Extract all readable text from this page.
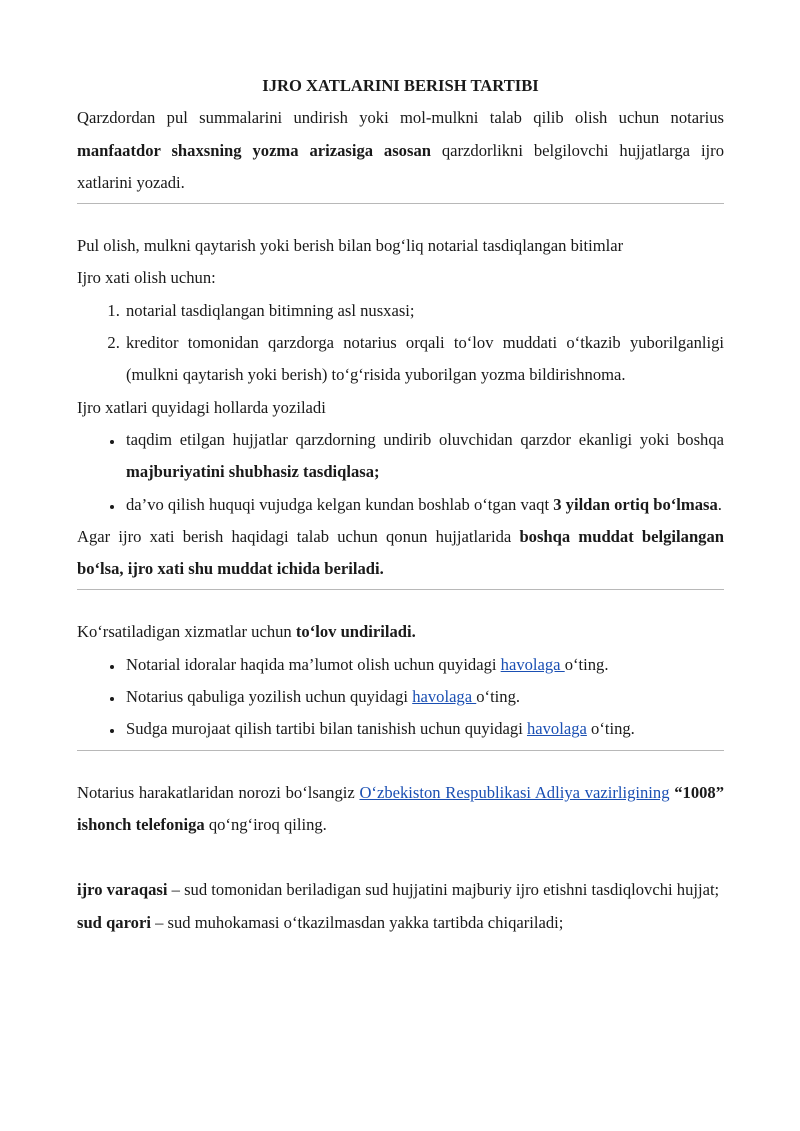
IJRO XATLARINI BERISH TARTIBI

Qarzdordan pul summalarini undirish yoki mol-mulkni talab qilib olish uchun notarius manfaatdor shaxsning yozma arizasiga asosan qarzdorlikni belgilovchi hujjatlarga ijro xatlarini yozadi.

Pul olish, mulkni qaytarish yoki berish bilan bog‘liq notarial tasdiqlangan bitimlar

Ijro xati olish uchun:

1. notarial tasdiqlangan bitimning asl nusxasi;
2. kreditor tomonidan qarzdorga notarius orqali to‘lov muddati o‘tkazib yuborilganligi (mulkni qaytarish yoki berish) to‘g‘risida yuborilgan yozma bildirishnoma.

Ijro xatlari quyidagi hollarda yoziladi

• taqdim etilgan hujjatlar qarzdorning undirib oluvchidan qarzdor ekanligi yoki boshqa majburiyatini shubhasiz tasdiqlasa;
• da’vo qilish huquqi vujudga kelgan kundan boshlab o‘tgan vaqt 3 yildan ortiq bo‘lmasa.

Agar ijro xati berish haqidagi talab uchun qonun hujjatlarida boshqa muddat belgilangan bo‘lsa, ijro xati shu muddat ichida beriladi.

Ko‘rsatiladigan xizmatlar uchun to‘lov undiriladi.

• Notarial idoralar haqida ma’lumot olish uchun quyidagi havolaga o‘ting.
• Notarius qabuliga yozilish uchun quyidagi havolaga o‘ting.
• Sudga murojaat qilish tartibi bilan tanishish uchun quyidagi havolaga o‘ting.

Notarius harakatlaridan norozi bo‘lsangiz O‘zbekiston Respublikasi Adliya vazirligining “1008” ishonch telefoniga qo‘ng‘iroq qiling.

ijro varaqasi – sud tomonidan beriladigan sud hujjatini majburiy ijro etishni tasdiqlovchi hujjat;

sud qarori – sud muhokamasi o‘tkazilmasdan yakka tartibda chiqariladi;
